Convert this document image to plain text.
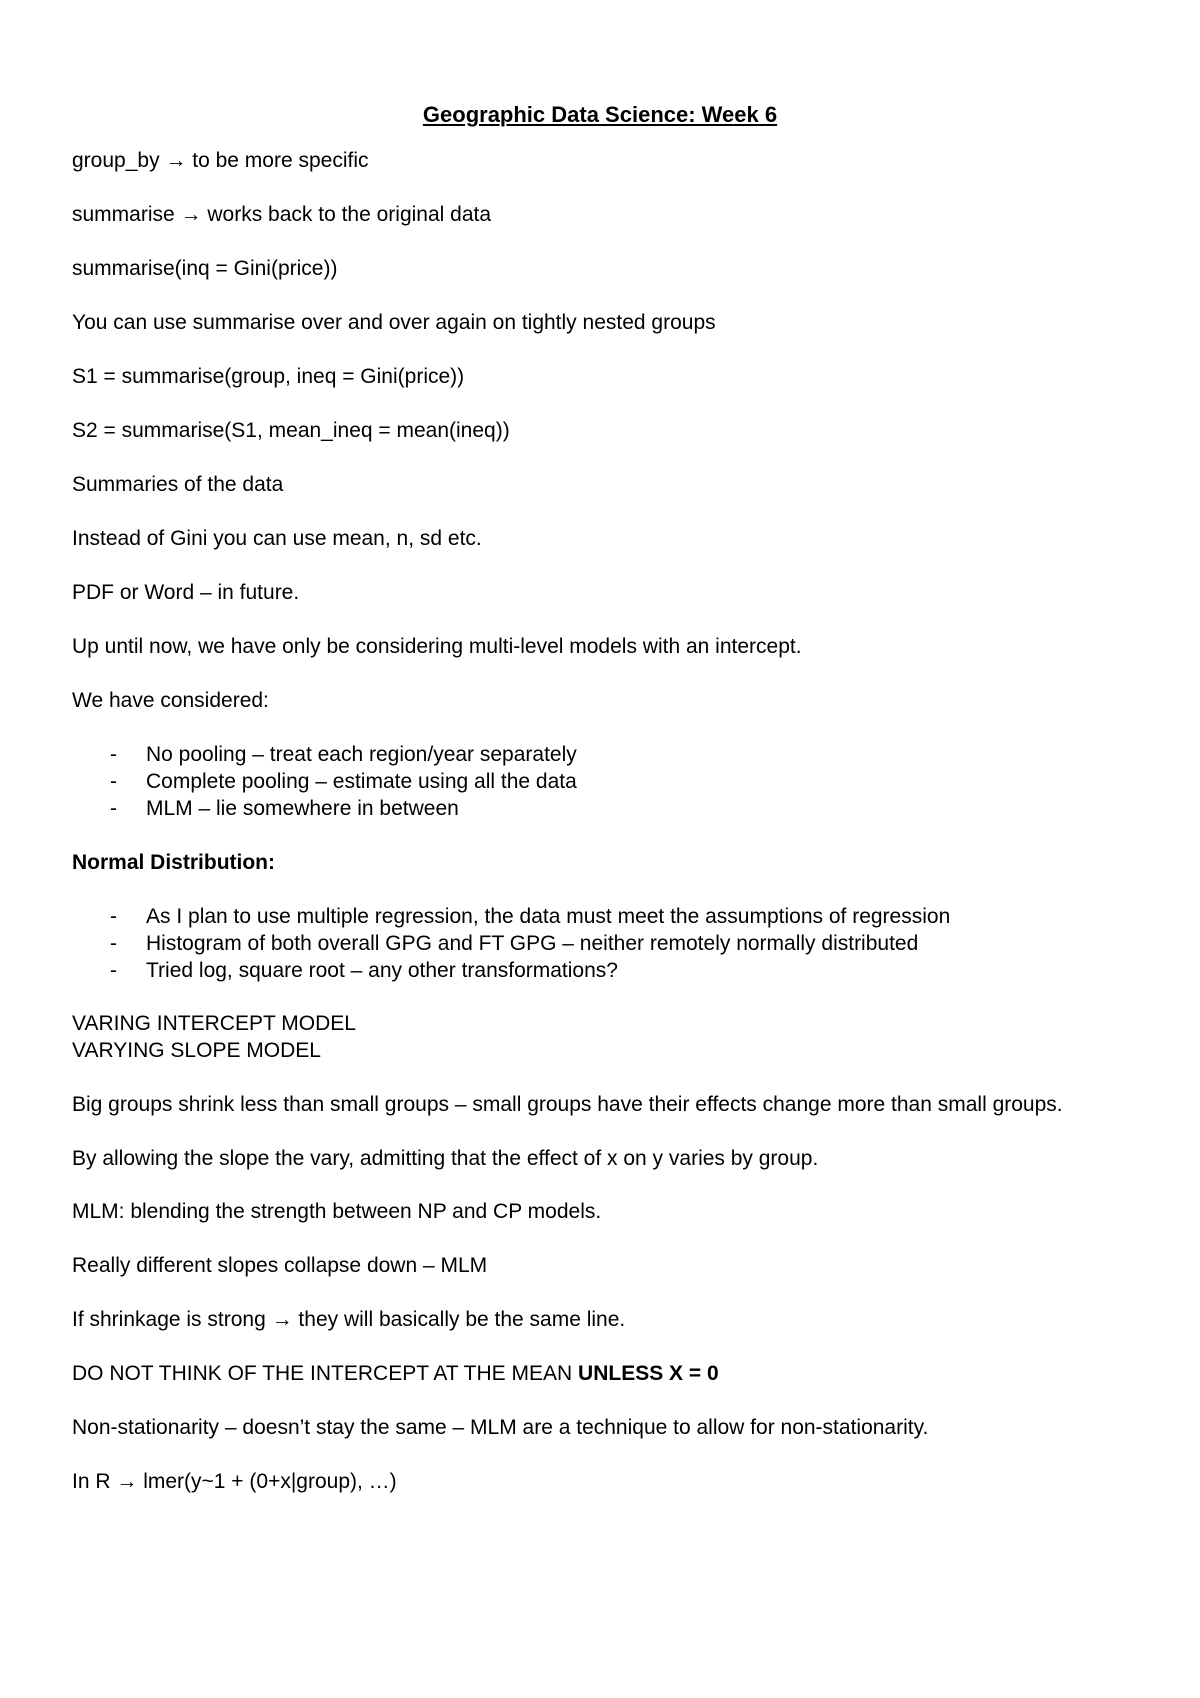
Geographic Data Science: Week 6
group_by → to be more specific
summarise → works back to the original data
summarise(inq = Gini(price))
You can use summarise over and over again on tightly nested groups
S1 = summarise(group, ineq = Gini(price))
S2 = summarise(S1, mean_ineq = mean(ineq))
Summaries of the data
Instead of Gini you can use mean, n, sd etc.
PDF or Word – in future.
Up until now, we have only be considering multi-level models with an intercept.
We have considered:
- No pooling – treat each region/year separately
- Complete pooling – estimate using all the data
- MLM – lie somewhere in between
Normal Distribution:
- As I plan to use multiple regression, the data must meet the assumptions of regression
- Histogram of both overall GPG and FT GPG – neither remotely normally distributed
- Tried log, square root – any other transformations?
VARING INTERCEPT MODEL
VARYING SLOPE MODEL
Big groups shrink less than small groups – small groups have their effects change more than small groups.
By allowing the slope the vary, admitting that the effect of x on y varies by group.
MLM: blending the strength between NP and CP models.
Really different slopes collapse down – MLM
If shrinkage is strong → they will basically be the same line.
DO NOT THINK OF THE INTERCEPT AT THE MEAN UNLESS X = 0
Non-stationarity – doesn’t stay the same – MLM are a technique to allow for non-stationarity.
In R → lmer(y~1 + (0+x|group), …)
